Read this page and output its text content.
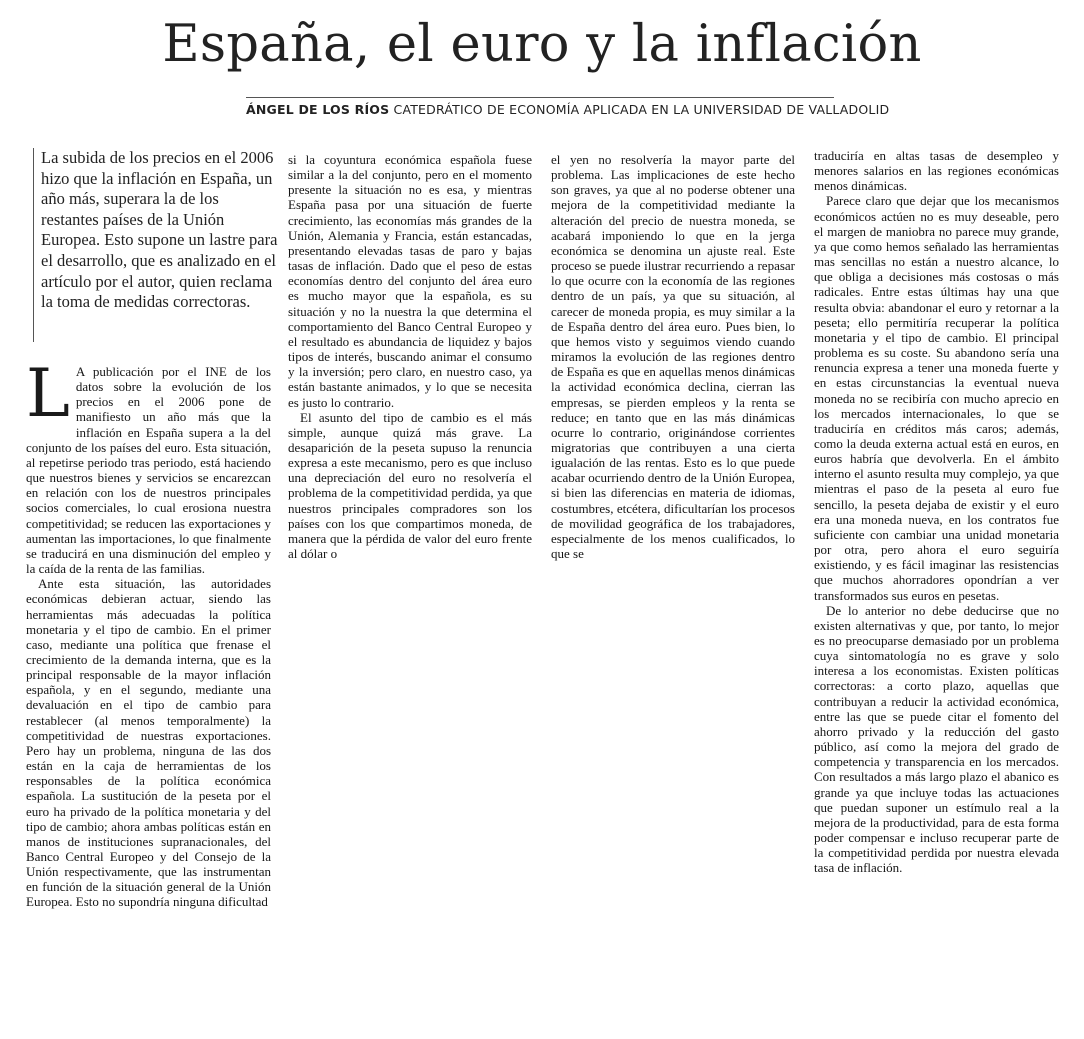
España, el euro y la inflación
ÁNGEL DE LOS RÍOS CATEDRÁTICO DE ECONOMÍA APLICADA EN LA UNIVERSIDAD DE VALLADOLID
La subida de los precios en el 2006 hizo que la inflación en España, un año más, superara la de los restantes países de la Unión Europea. Esto supone un lastre para el desarrollo, que es analizado en el artículo por el autor, quien reclama la toma de medidas correctoras.
L A publicación por el INE de los datos sobre la evolución de los precios en el 2006 pone de manifiesto un año más que la inflación en España supera a la del conjunto de los países del euro. Esta situación, al repetirse periodo tras periodo, está haciendo que nuestros bienes y servicios se encarezcan en relación con los de nuestros principales socios comerciales, lo cual erosiona nuestra competitividad; se reducen las exportaciones y aumentan las importaciones, lo que finalmente se traducirá en una disminución del empleo y la caída de la renta de las familias.

Ante esta situación, las autoridades económicas debieran actuar, siendo las herramientas más adecuadas la política monetaria y el tipo de cambio. En el primer caso, mediante una política que frenase el crecimiento de la demanda interna, que es la principal responsable de la mayor inflación española, y en el segundo, mediante una devaluación en el tipo de cambio para restablecer (al menos temporalmente) la competitividad de nuestras exportaciones. Pero hay un problema, ninguna de las dos están en la caja de herramientas de los responsables de la política económica española. La sustitución de la peseta por el euro ha privado de la política monetaria y del tipo de cambio; ahora ambas políticas están en manos de instituciones supranacionales, del Banco Central Europeo y del Consejo de la Unión respectivamente, que las instrumentan en función de la situación general de la Unión Europea. Esto no supondría ninguna dificultad

si la coyuntura económica española fuese similar a la del conjunto, pero en el momento presente la situación no es esa, y mientras España pasa por una situación de fuerte crecimiento, las economías más grandes de la Unión, Alemania y Francia, están estancadas, presentando elevadas tasas de paro y bajas tasas de inflación. Dado que el peso de estas economías dentro del conjunto del área euro es mucho mayor que la española, es su situación y no la nuestra la que determina el comportamiento del Banco Central Europeo y el resultado es abundancia de liquidez y bajos tipos de interés, buscando animar el consumo y la inversión; pero claro, en nuestro caso, ya están bastante animados, y lo que se necesita es justo lo contrario.

El asunto del tipo de cambio es el más simple, aunque quizá más grave. La desaparición de la peseta supuso la renuncia expresa a este mecanismo, pero es que incluso una depreciación del euro no resolvería el problema de la competitividad perdida, ya que nuestros principales compradores son los países con los que compartimos moneda, de manera que la pérdida de valor del euro frente al dólar o

el yen no resolvería la mayor parte del problema. Las implicaciones de este hecho son graves, ya que al no poderse obtener una mejora de la competitividad mediante la alteración del precio de nuestra moneda, se acabará imponiendo lo que en la jerga económica se denomina un ajuste real. Este proceso se puede ilustrar recurriendo a repasar lo que ocurre con la economía de las regiones dentro de un país, ya que su situación, al carecer de moneda propia, es muy similar a la de España dentro del área euro. Pues bien, lo que hemos visto y seguimos viendo cuando miramos la evolución de las regiones dentro de España es que en aquellas menos dinámicas la actividad económica declina, cierran las empresas, se pierden empleos y la renta se reduce; en tanto que en las más dinámicas ocurre lo contrario, originándose corrientes migratorias que contribuyen a una cierta igualación de las rentas. Esto es lo que puede acabar ocurriendo dentro de la Unión Europea, si bien las diferencias en materia de idiomas, costumbres, etcétera, dificultarían los procesos de movilidad geográfica de los trabajadores, especialmente de los menos cualificados, lo que se

traduciría en altas tasas de desempleo y menores salarios en las regiones económicas menos dinámicas.

Parece claro que dejar que los mecanismos económicos actúen no es muy deseable, pero el margen de maniobra no parece muy grande, ya que como hemos señalado las herramientas mas sencillas no están a nuestro alcance, lo que obliga a decisiones más costosas o más radicales. Entre estas últimas hay una que resulta obvia: abandonar el euro y retornar a la peseta; ello permitiría recuperar la política monetaria y el tipo de cambio. El principal problema es su coste. Su abandono sería una renuncia expresa a tener una moneda fuerte y en estas circunstancias la eventual nueva moneda no se recibiría con mucho aprecio en los mercados internacionales, lo que se traduciría en créditos más caros; además, como la deuda externa actual está en euros, en euros habría que devolverla. En el ámbito interno el asunto resulta muy complejo, ya que mientras el paso de la peseta al euro fue sencillo, la peseta dejaba de existir y el euro era una moneda nueva, en los contratos fue suficiente con cambiar una unidad monetaria por otra, pero ahora el euro seguiría existiendo, y es fácil imaginar las resistencias que muchos ahorradores opondrían a ver transformados sus euros en pesetas.

De lo anterior no debe deducirse que no existen alternativas y que, por tanto, lo mejor es no preocuparse demasiado por un problema cuya sintomatología no es grave y solo interesa a los economistas. Existen políticas correctoras: a corto plazo, aquellas que contribuyan a reducir la actividad económica, entre las que se puede citar el fomento del ahorro privado y la reducción del gasto público, así como la mejora del grado de competencia y transparencia en los mercados. Con resultados a más largo plazo el abanico es grande ya que incluye todas las actuaciones que puedan suponer un estímulo real a la mejora de la productividad, para de esta forma poder compensar e incluso recuperar parte de la competitividad perdida por nuestra elevada tasa de inflación.
